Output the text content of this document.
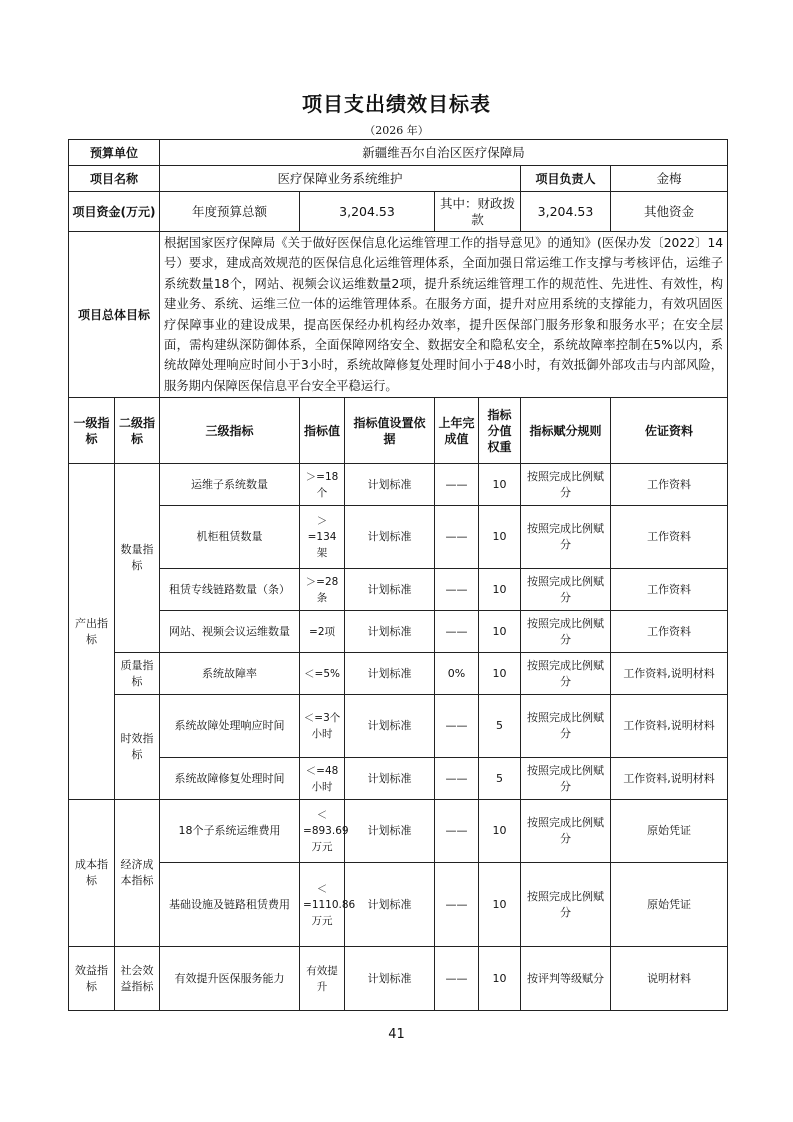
项目支出绩效目标表
（2026 年）
预算单位		新疆维吾尔自治区医疗保障局						
项目名称		医疗保障业务系统维护					项目负责人	金梅
项目资金(万元)		年度预算总额	3,204.53		其中：财政拨款		3,204.53	其他资金
项目总体目标		根据国家医疗保障局《关于做好医保信息化运维管理工作的指导意见》的通知》(医保办发〔2022〕14号）要求，建成高效规范的医保信息化运维管理体系，全面加强日常运维工作支撑与考核评估，运维子系统数量18个，网站、视频会议运维数量2项，提升系统运维管理工作的规范性、先进性、有效性，构建业务、系统、运维三位一体的运维管理体系。在服务方面，提升对应用系统的支撑能力，有效巩固医疗保障事业的建设成果，提高医保经办机构经办效率，提升医保部门服务形象和服务水平；在安全层面，需构建纵深防御体系，全面保障网络安全、数据安全和隐私安全，系统故障率控制在5%以内，系统故障处理响应时间小于3小时，系统故障修复处理时间小于48小时，有效抵御外部攻击与内部风险，服务期内保障医保信息平台安全平稳运行。						
一级指标	二级指标	三级指标	指标值	指标值设置依据	上年完成值	指标分值权重	指标赋分规则	佐证资料
产出指标	数量指标	运维子系统数量	＞=18个	计划标准	——	10	按照完成比例赋分	工作资料
		机柜租赁数量	＞=134架	计划标准	——	10	按照完成比例赋分	工作资料
		租赁专线链路数量（条）	＞=28条	计划标准	——	10	按照完成比例赋分	工作资料
		网站、视频会议运维数量	=2项	计划标准	——	10	按照完成比例赋分	工作资料
	质量指标	系统故障率	＜=5%	计划标准	0%	10	按照完成比例赋分	工作资料,说明材料
	时效指标	系统故障处理响应时间	＜=3个小时	计划标准	——	5	按照完成比例赋分	工作资料,说明材料
		系统故障修复处理时间	＜=48小时	计划标准	——	5	按照完成比例赋分	工作资料,说明材料
成本指标	经济成本指标	18个子系统运维费用	＜=893.69万元	计划标准	——	10	按照完成比例赋分	原始凭证
		基础设施及链路租赁费用	＜=1110.86万元	计划标准	——	10	按照完成比例赋分	原始凭证
效益指标	社会效益指标	有效提升医保服务能力	有效提升	计划标准	——	10	按评判等级赋分	说明材料
41
